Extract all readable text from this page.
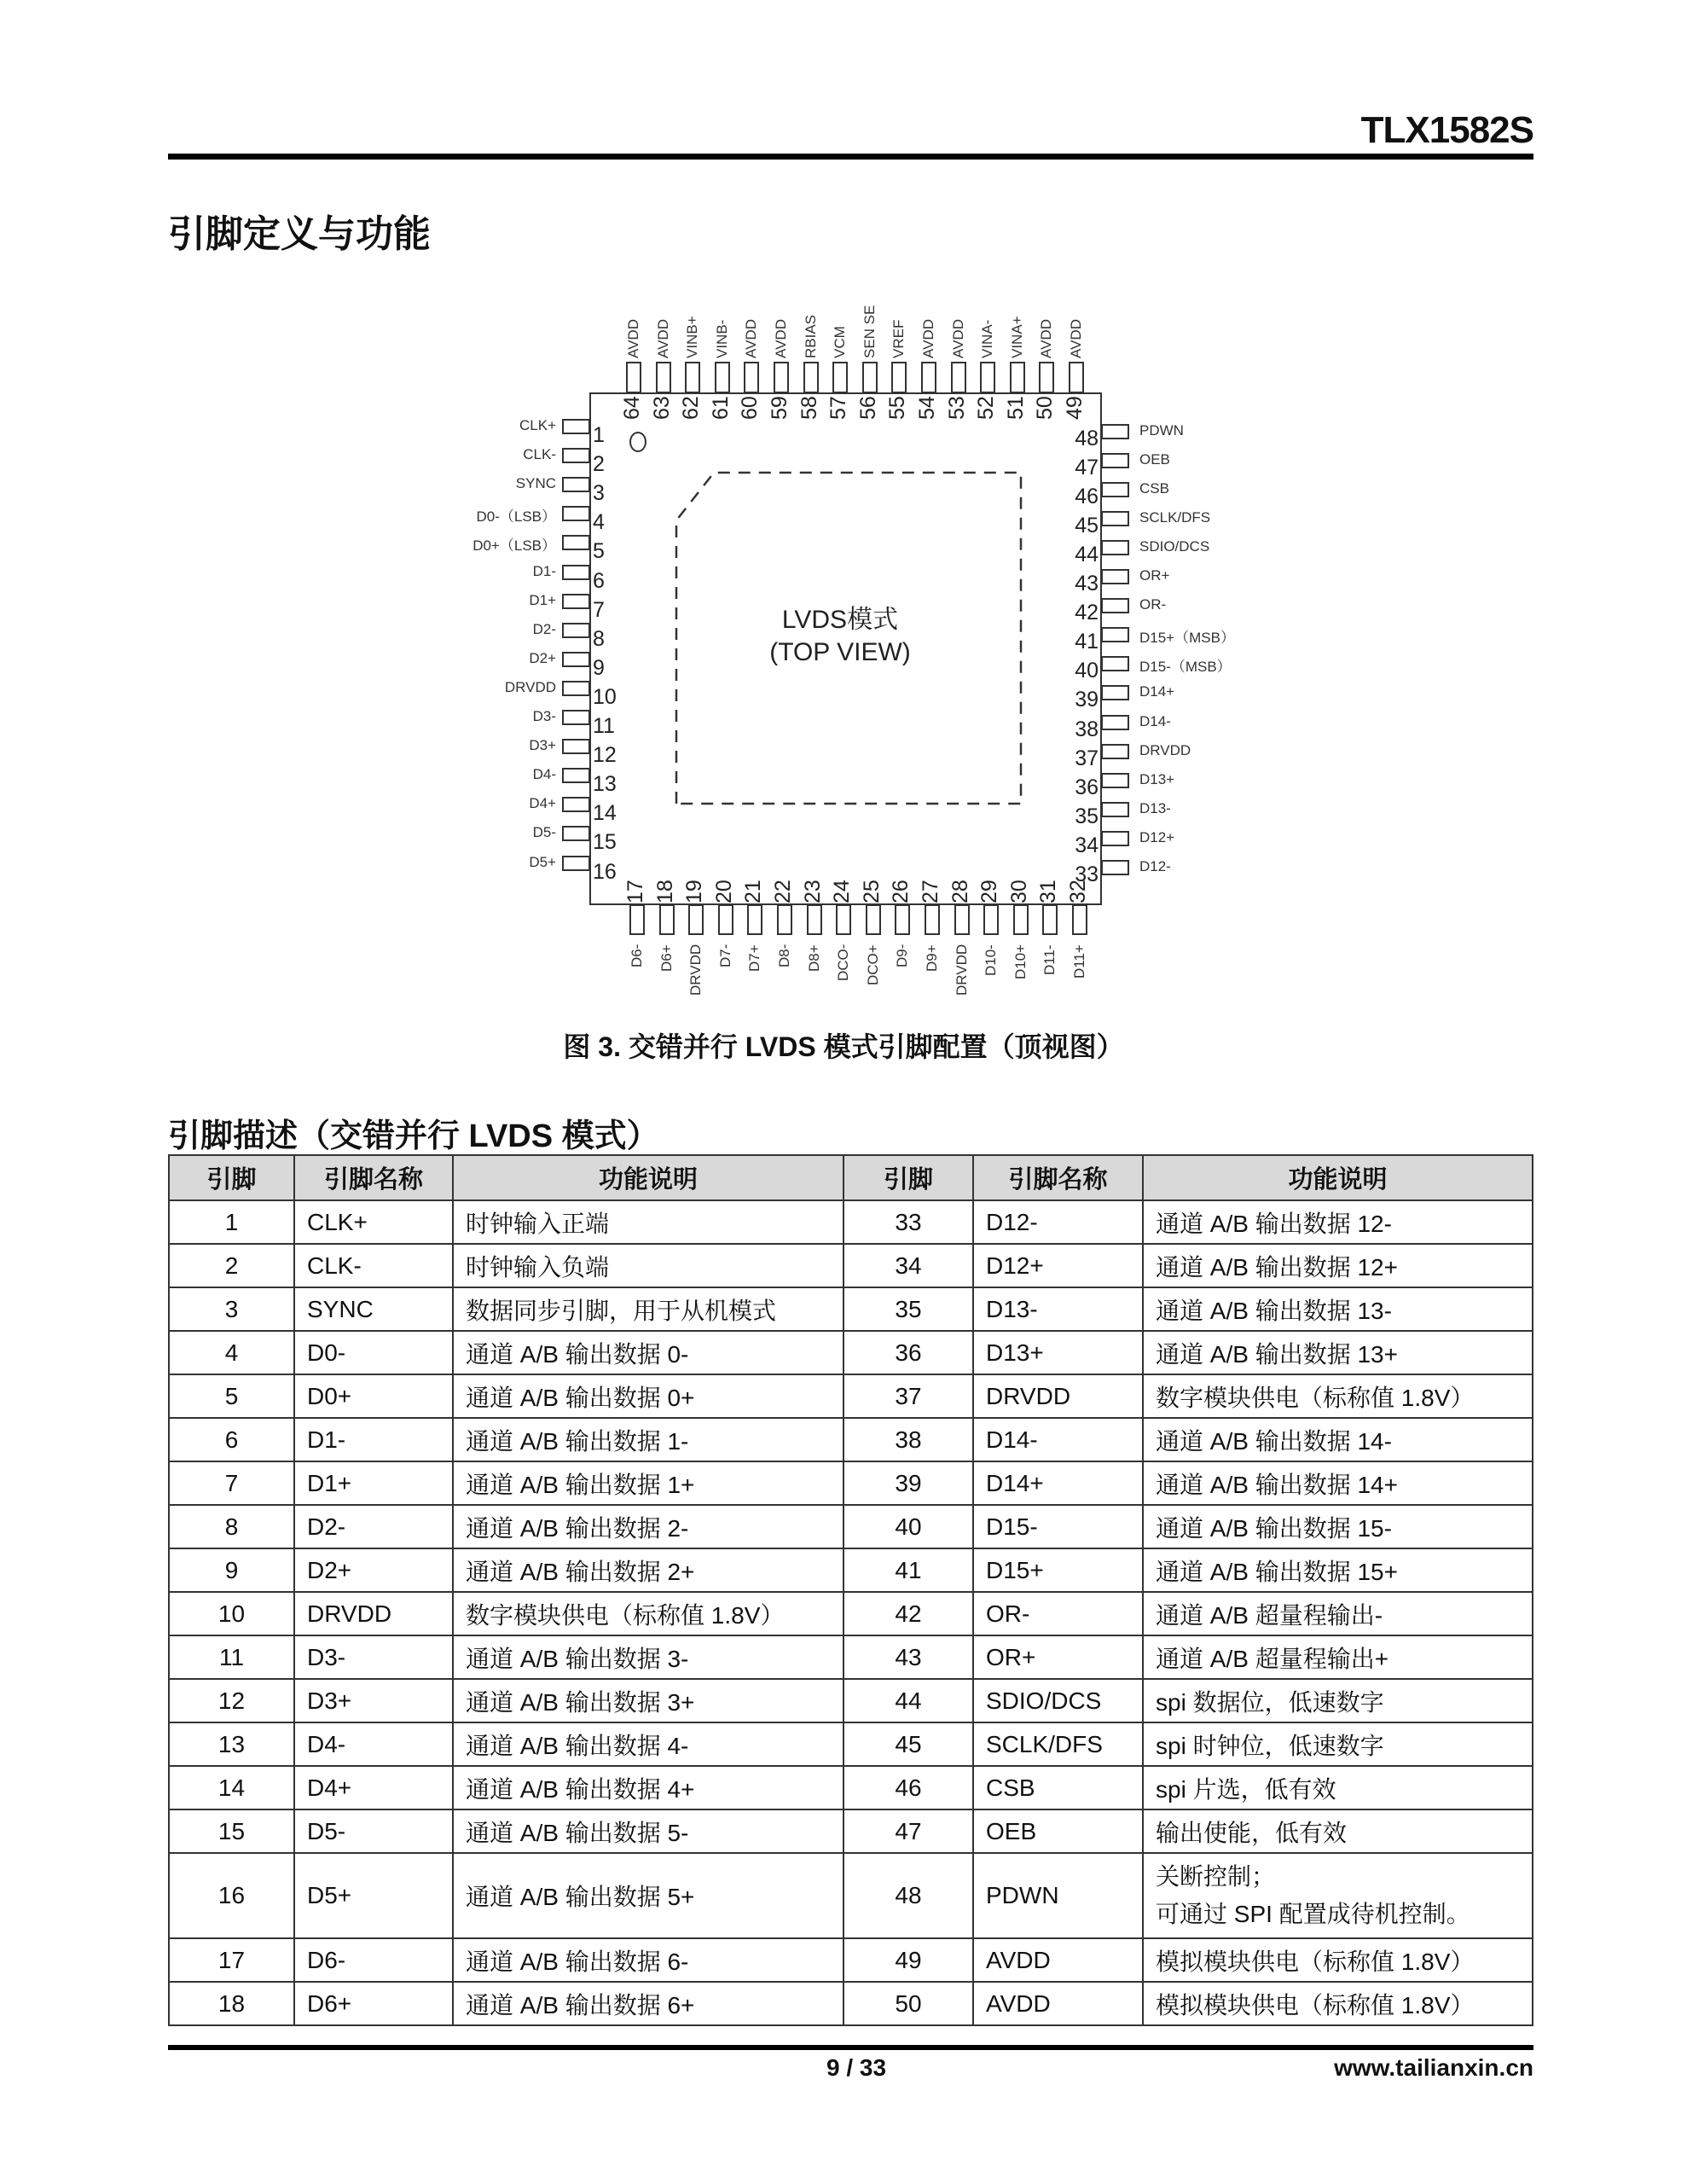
TLX1582S
引脚定义与功能
LVDS模式
(TOP VIEW)
CLK+ 1
CLK- 2
SYNC 3
D0-（LSB） 4
D0+（LSB） 5
D1- 6
D1+ 7
D2- 8
D2+ 9
DRVDD 10
D3- 11
D3+ 12
D4- 13
D4+ 14
D5- 15
D5+ 16	D12-
33
D12+
34
D13-
35
D13+
36
DRVDD
37
D14-
38
D14+
39
D15-（MSB）
40
D15+（MSB）
41
OR-
42
OR+
43
SDIO/DCS
44
SCLK/DFS
45
CSB
46
OEB
47
PDWN
48
D6-
17
D6+
18
DRVDD
19
D7-
20
D7+
21
D8-
22
D8+
23
DCO-
24
DCO+
25
D9-
26
D9+
27
DRVDD
28
D10-
29
D10+
30
D11-
31
D11+
32
AVDD
49
AVDD
50
VINA+
51
VINA-
52
AVDD
53
AVDD
54
VREF
55
SEN SE
56
VCM
57
RBIAS
58
AVDD
59
AVDD
60
VINB-
61
VINB+
62
AVDD
63
AVDD
64
图 3. 交错并行 LVDS 模式引脚配置（顶视图）
引脚描述（交错并行 LVDS 模式）
引脚	引脚名称	功能说明	引脚	引脚名称	功能说明
1	CLK+	时钟输入正端	33	D12-	通道 A/B 输出数据 12-
2	CLK-	时钟输入负端	34	D12+	通道 A/B 输出数据 12+
3	SYNC	数据同步引脚，用于从机模式	35	D13-	通道 A/B 输出数据 13-
4	D0-	通道 A/B 输出数据 0-	36	D13+	通道 A/B 输出数据 13+
5	D0+	通道 A/B 输出数据 0+	37	DRVDD	数字模块供电（标称值 1.8V）
6	D1-	通道 A/B 输出数据 1-	38	D14-	通道 A/B 输出数据 14-
7	D1+	通道 A/B 输出数据 1+	39	D14+	通道 A/B 输出数据 14+
8	D2-	通道 A/B 输出数据 2-	40	D15-	通道 A/B 输出数据 15-
9	D2+	通道 A/B 输出数据 2+	41	D15+	通道 A/B 输出数据 15+
10	DRVDD	数字模块供电（标称值 1.8V）	42	OR-	通道 A/B 超量程输出-
11	D3-	通道 A/B 输出数据 3-	43	OR+	通道 A/B 超量程输出+
12	D3+	通道 A/B 输出数据 3+	44	SDIO/DCS	spi 数据位，低速数字
13	D4-	通道 A/B 输出数据 4-	45	SCLK/DFS	spi 时钟位，低速数字
14	D4+	通道 A/B 输出数据 4+	46	CSB	spi 片选，低有效
15	D5-	通道 A/B 输出数据 5-	47	OEB	输出使能，低有效
16	D5+	通道 A/B 输出数据 5+	48	PDWN	关断控制；
可通过 SPI 配置成待机控制。
17	D6-	通道 A/B 输出数据 6-	49	AVDD	模拟模块供电（标称值 1.8V）
18	D6+	通道 A/B 输出数据 6+	50	AVDD	模拟模块供电（标称值 1.8V）
9 / 33	www.tailianxin.cn
